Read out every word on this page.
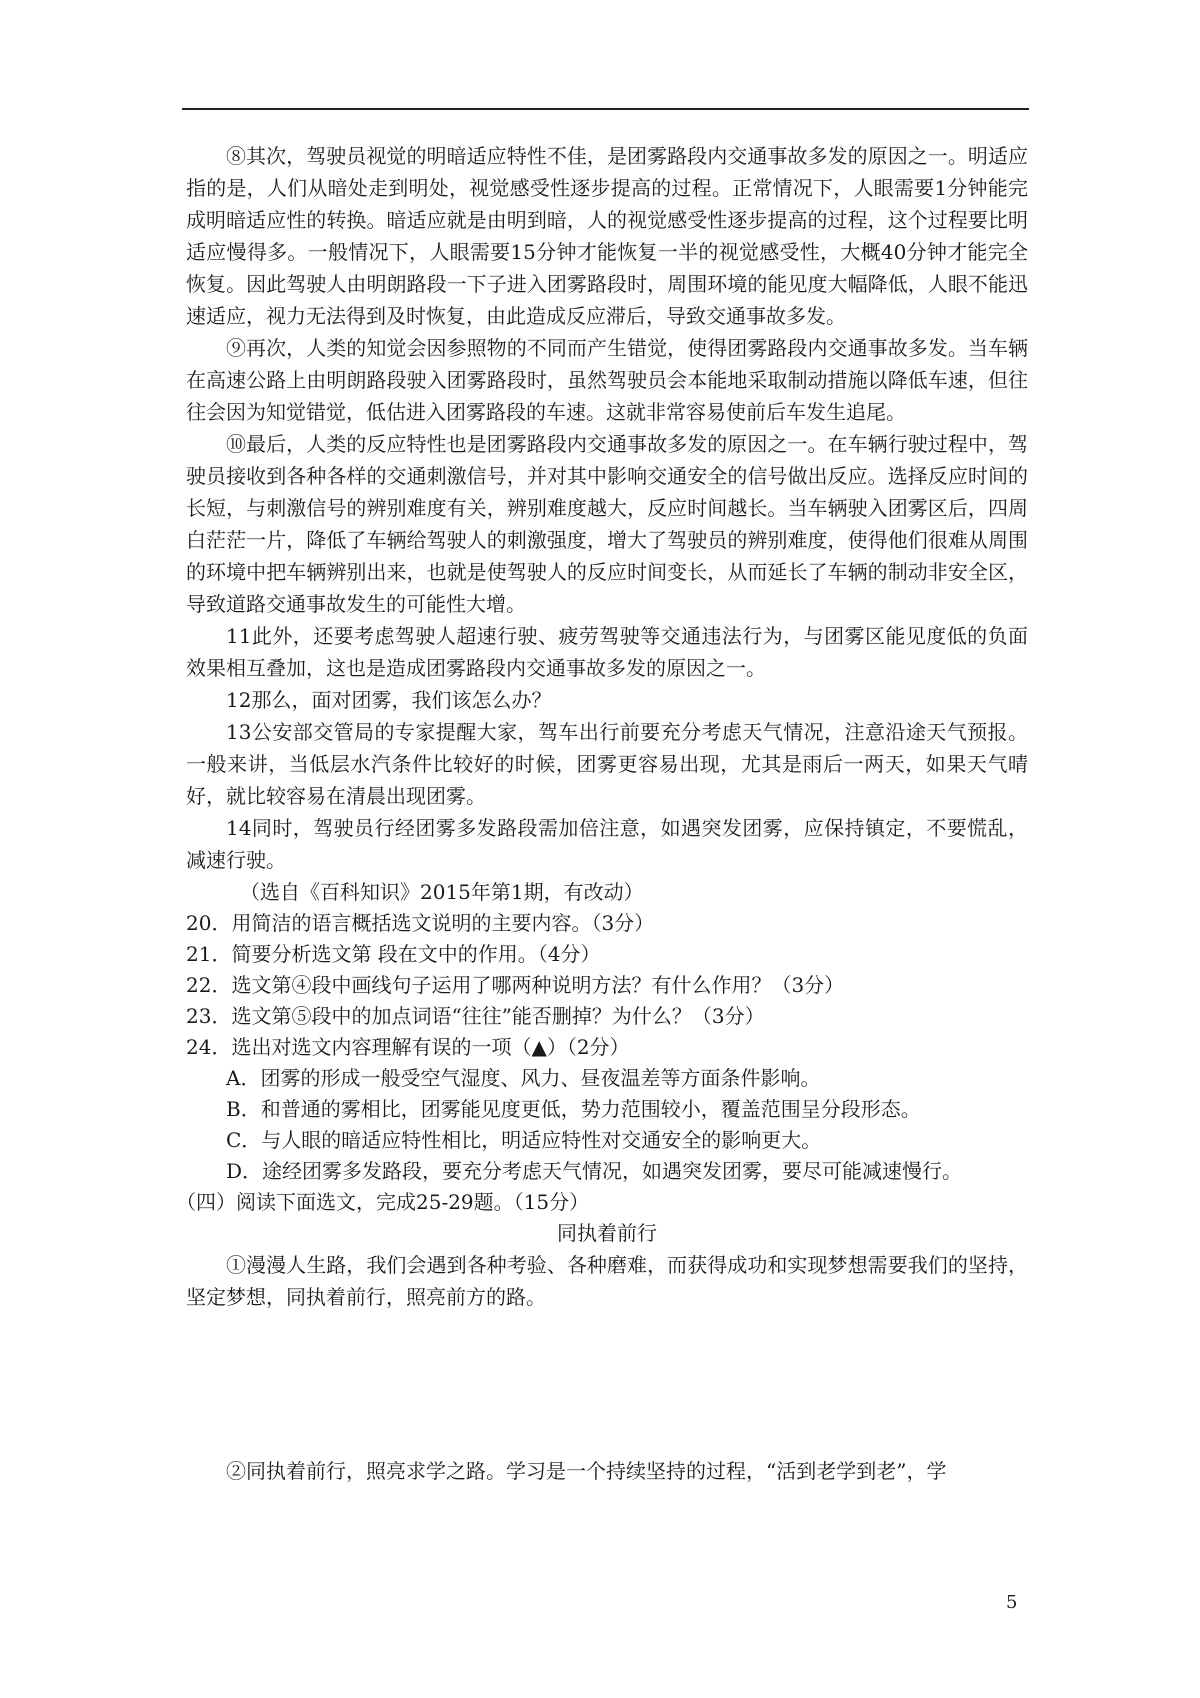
⑧其次，驾驶员视觉的明暗适应特性不佳，是团雾路段内交通事故多发的原因之一。明适应指的是，人们从暗处走到明处，视觉感受性逐步提高的过程。正常情况下，人眼需要1分钟能完成明暗适应性的转换。暗适应就是由明到暗，人的视觉感受性逐步提高的过程，这个过程要比明适应慢得多。一般情况下，人眼需要15分钟才能恢复一半的视觉感受性，大概40分钟才能完全恢复。因此驾驶人由明朗路段一下子进入团雾路段时，周围环境的能见度大幅降低，人眼不能迅速适应，视力无法得到及时恢复，由此造成反应滞后，导致交通事故多发。

⑨再次，人类的知觉会因参照物的不同而产生错觉，使得团雾路段内交通事故多发。当车辆在高速公路上由明朗路段驶入团雾路段时，虽然驾驶员会本能地采取制动措施以降低车速，但往往会因为知觉错觉，低估进入团雾路段的车速。这就非常容易使前后车发生追尾。

⑩最后，人类的反应特性也是团雾路段内交通事故多发的原因之一。在车辆行驶过程中，驾驶员接收到各种各样的交通刺激信号，并对其中影响交通安全的信号做出反应。选择反应时间的长短，与刺激信号的辨别难度有关，辨别难度越大，反应时间越长。当车辆驶入团雾区后，四周白茫茫一片，降低了车辆给驾驶人的刺激强度，增大了驾驶员的辨别难度，使得他们很难从周围的环境中把车辆辨别出来，也就是使驾驶人的反应时间变长，从而延长了车辆的制动非安全区，导致道路交通事故发生的可能性大增。

11此外，还要考虑驾驶人超速行驶、疲劳驾驶等交通违法行为，与团雾区能见度低的负面效果相互叠加，这也是造成团雾路段内交通事故多发的原因之一。

12那么，面对团雾，我们该怎么办？

13公安部交管局的专家提醒大家，驾车出行前要充分考虑天气情况，注意沿途天气预报。一般来讲，当低层水汽条件比较好的时候，团雾更容易出现，尤其是雨后一两天，如果天气晴好，就比较容易在清晨出现团雾。

14同时，驾驶员行经团雾多发路段需加倍注意，如遇突发团雾，应保持镇定，不要慌乱，减速行驶。

（选自《百科知识》2015年第1期，有改动）

20．用简洁的语言概括选文说明的主要内容。（3分）

21．简要分析选文第 段在文中的作用。（4分）

22．选文第④段中画线句子运用了哪两种说明方法？有什么作用？（3分）

23．选文第⑤段中的加点词语“往往”能否删掉？为什么？（3分）

24．选出对选文内容理解有误的一项（▲）（2分）

A．团雾的形成一般受空气湿度、风力、昼夜温差等方面条件影响。

B．和普通的雾相比，团雾能见度更低，势力范围较小，覆盖范围呈分段形态。

C．与人眼的暗适应特性相比，明适应特性对交通安全的影响更大。

D．途经团雾多发路段，要充分考虑天气情况，如遇突发团雾，要尽可能减速慢行。

（四）阅读下面选文，完成25-29题。（15分）

同执着前行

①漫漫人生路，我们会遇到各种考验、各种磨难，而获得成功和实现梦想需要我们的坚持，坚定梦想，同执着前行，照亮前方的路。

②同执着前行，照亮求学之路。学习是一个持续坚持的过程，“活到老学到老”，学

5
